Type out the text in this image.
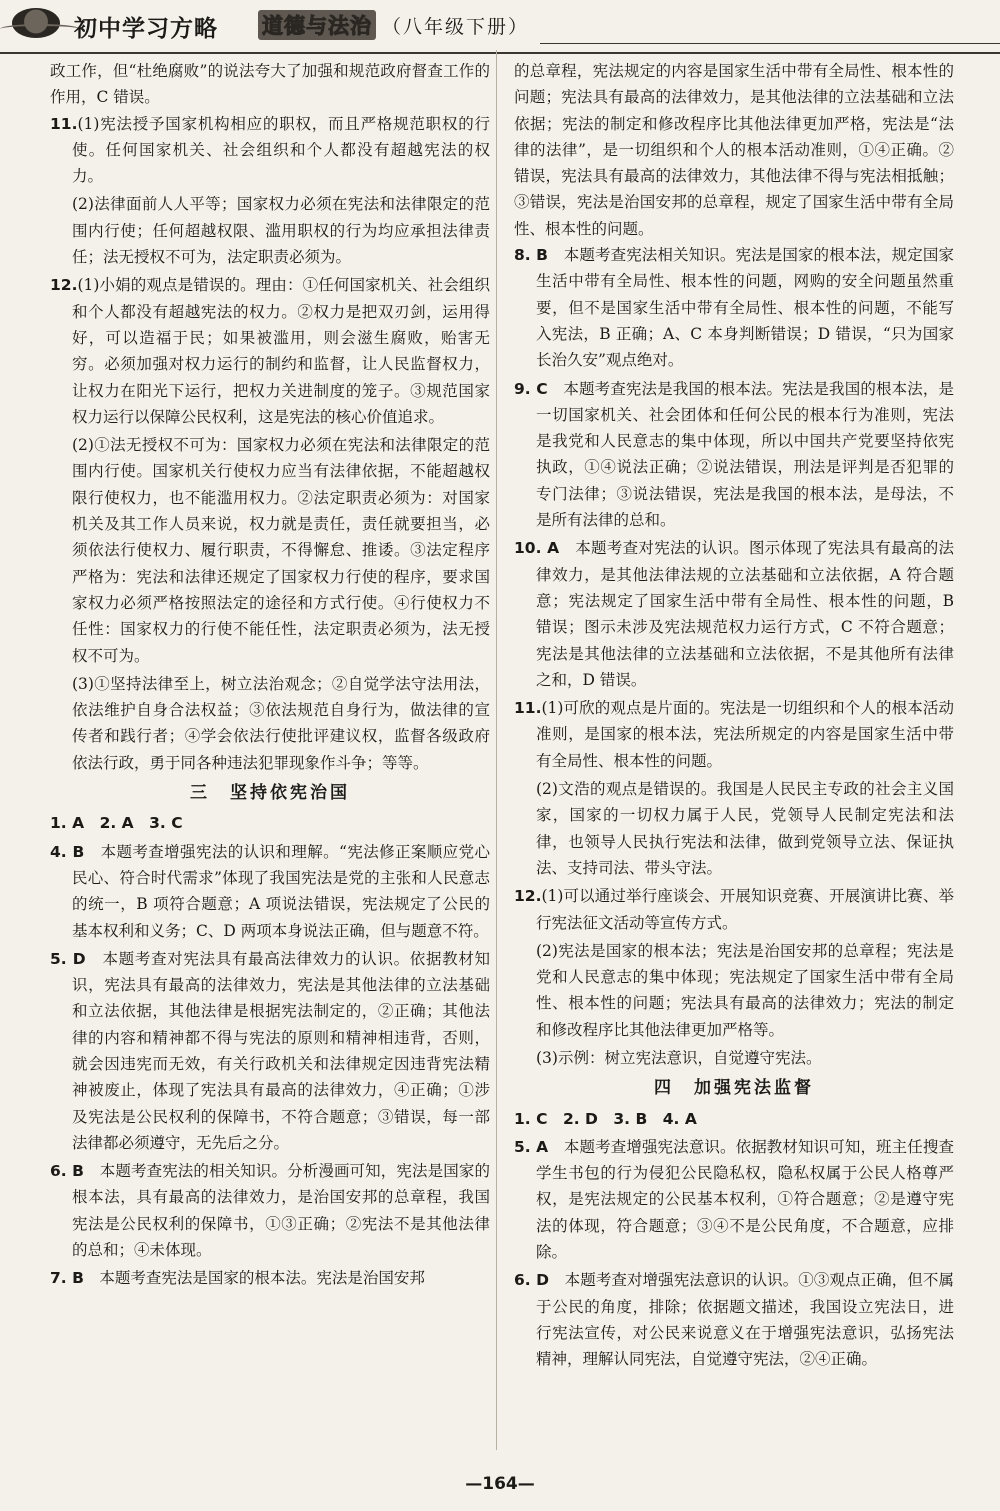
初中学习方略 道德与法治 （八年级下册）

政工作，但“杜绝腐败”的说法夸大了加强和规范政府督查工作的作用，C 错误。

11.(1)宪法授予国家机构相应的职权，而且严格规范职权的行使。任何国家机关、社会组织和个人都没有超越宪法的权力。

(2)法律面前人人平等；国家权力必须在宪法和法律限定的范围内行使；任何超越权限、滥用职权的行为均应承担法律责任；法无授权不可为，法定职责必须为。

12.(1)小娟的观点是错误的。理由：①任何国家机关、社会组织和个人都没有超越宪法的权力。②权力是把双刃剑，运用得好，可以造福于民；如果被滥用，则会滋生腐败，贻害无穷。必须加强对权力运行的制约和监督，让人民监督权力，让权力在阳光下运行，把权力关进制度的笼子。③规范国家权力运行以保障公民权利，这是宪法的核心价值追求。

(2)①法无授权不可为：国家权力必须在宪法和法律限定的范围内行使。国家机关行使权力应当有法律依据，不能超越权限行使权力，也不能滥用权力。②法定职责必须为：对国家机关及其工作人员来说，权力就是责任，责任就要担当，必须依法行使权力、履行职责，不得懈怠、推诿。③法定程序严格为：宪法和法律还规定了国家权力行使的程序，要求国家权力必须严格按照法定的途径和方式行使。④行使权力不任性：国家权力的行使不能任性，法定职责必须为，法无授权不可为。

(3)①坚持法律至上，树立法治观念；②自觉学法守法用法，依法维护自身合法权益；③依法规范自身行为，做法律的宣传者和践行者；④学会依法行使批评建议权，监督各级政府依法行政，勇于同各种违法犯罪现象作斗争；等等。

三　坚持依宪治国

1. A　2. A　3. C

4. B　 本题考查增强宪法的认识和理解。“宪法修正案顺应党心民心、符合时代需求”体现了我国宪法是党的主张和人民意志的统一，B 项符合题意；A 项说法错误，宪法规定了公民的基本权利和义务；C、D 两项本身说法正确，但与题意不符。

5. D　 本题考查对宪法具有最高法律效力的认识。依据教材知识，宪法具有最高的法律效力，宪法是其他法律的立法基础和立法依据，其他法律是根据宪法制定的，②正确；其他法律的内容和精神都不得与宪法的原则和精神相违背，否则，就会因违宪而无效，有关行政机关和法律规定因违背宪法精神被废止，体现了宪法具有最高的法律效力，④正确；①涉及宪法是公民权利的保障书，不符合题意；③错误，每一部法律都必须遵守，无先后之分。

6. B　 本题考查宪法的相关知识。分析漫画可知，宪法是国家的根本法，具有最高的法律效力，是治国安邦的总章程，我国宪法是公民权利的保障书，①③正确；②宪法不是其他法律的总和；④未体现。

7. B　 本题考查宪法是国家的根本法。宪法是治国安邦

的总章程，宪法规定的内容是国家生活中带有全局性、根本性的问题；宪法具有最高的法律效力，是其他法律的立法基础和立法依据；宪法的制定和修改程序比其他法律更加严格，宪法是“法律的法律”，是一切组织和个人的根本活动准则，①④正确。②错误，宪法具有最高的法律效力，其他法律不得与宪法相抵触；③错误，宪法是治国安邦的总章程，规定了国家生活中带有全局性、根本性的问题。

8. B　 本题考查宪法相关知识。宪法是国家的根本法，规定国家生活中带有全局性、根本性的问题，网购的安全问题虽然重要，但不是国家生活中带有全局性、根本性的问题，不能写入宪法，B 正确；A、C 本身判断错误；D 错误，“只为国家长治久安”观点绝对。

9. C　 本题考查宪法是我国的根本法。宪法是我国的根本法，是一切国家机关、社会团体和任何公民的根本行为准则，宪法是我党和人民意志的集中体现，所以中国共产党要坚持依宪执政，①④说法正确；②说法错误，刑法是评判是否犯罪的专门法律；③说法错误，宪法是我国的根本法，是母法，不是所有法律的总和。

10. A　 本题考查对宪法的认识。图示体现了宪法具有最高的法律效力，是其他法律法规的立法基础和立法依据，A 符合题意；宪法规定了国家生活中带有全局性、根本性的问题，B 错误；图示未涉及宪法规范权力运行方式，C 不符合题意；宪法是其他法律的立法基础和立法依据，不是其他所有法律之和，D 错误。

11.(1)可欣的观点是片面的。宪法是一切组织和个人的根本活动准则，是国家的根本法，宪法所规定的内容是国家生活中带有全局性、根本性的问题。

(2)文浩的观点是错误的。我国是人民民主专政的社会主义国家，国家的一切权力属于人民，党领导人民制定宪法和法律，也领导人民执行宪法和法律，做到党领导立法、保证执法、支持司法、带头守法。

12.(1)可以通过举行座谈会、开展知识竞赛、开展演讲比赛、举行宪法征文活动等宣传方式。

(2)宪法是国家的根本法；宪法是治国安邦的总章程；宪法是党和人民意志的集中体现；宪法规定了国家生活中带有全局性、根本性的问题；宪法具有最高的法律效力；宪法的制定和修改程序比其他法律更加严格等。

(3)示例：树立宪法意识，自觉遵守宪法。

四　加强宪法监督

1. C　2. D　3. B　4. A

5. A　 本题考查增强宪法意识。依据教材知识可知，班主任搜查学生书包的行为侵犯公民隐私权，隐私权属于公民人格尊严权，是宪法规定的公民基本权利，①符合题意；②是遵守宪法的体现，符合题意；③④不是公民角度，不合题意，应排除。

6. D　 本题考查对增强宪法意识的认识。①③观点正确，但不属于公民的角度，排除；依据题文描述，我国设立宪法日，进行宪法宣传，对公民来说意义在于增强宪法意识，弘扬宪法精神，理解认同宪法，自觉遵守宪法，②④正确。

—164—
